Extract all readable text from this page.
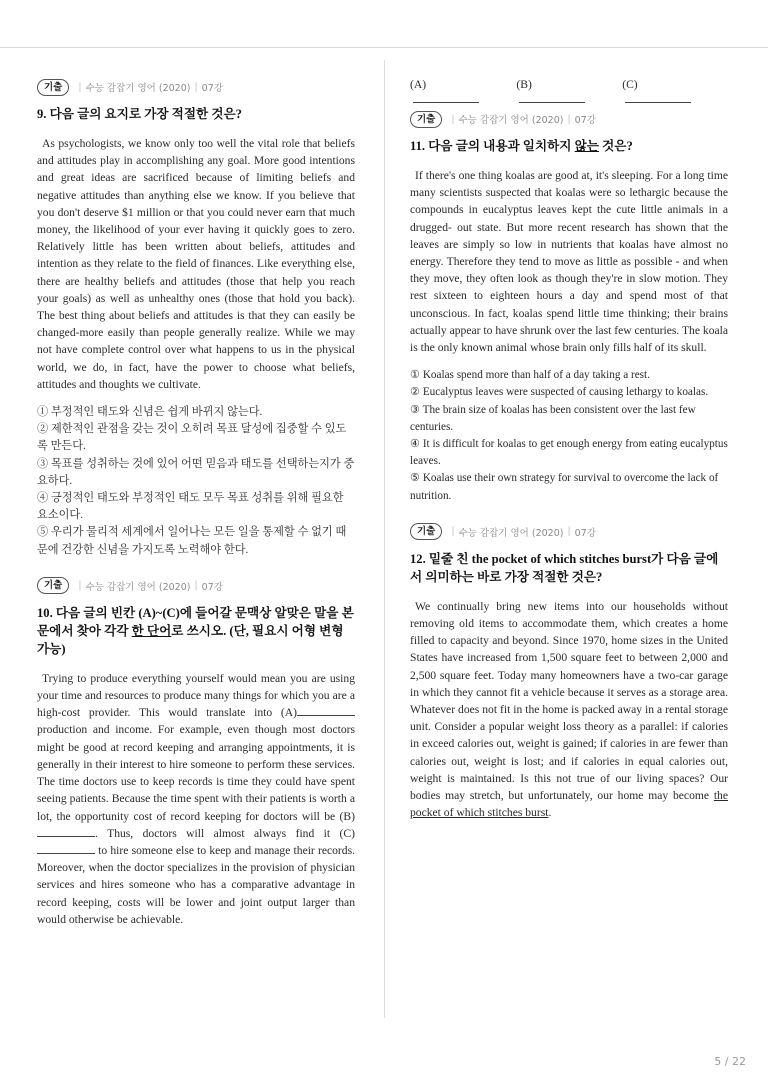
기출	| 수능 감잡기 영어 (2020) | 07강

9. 다음 글의 요지로 가장 적절한 것은?

As psychologists, we know only too well the vital role that beliefs and attitudes play in accomplishing any goal. More good intentions and great ideas are sacrificed because of limiting beliefs and negative attitudes than anything else we know. If you believe that you don't deserve $1 million or that you could never earn that much money, the likelihood of your ever having it quickly goes to zero. Relatively little has been written about beliefs, attitudes and intention as they relate to the field of finances. Like everything else, there are healthy beliefs and attitudes (those that help you reach your goals) as well as unhealthy ones (those that hold you back). The best thing about beliefs and attitudes is that they can easily be changed-more easily than people generally realize. While we may not have complete control over what happens to us in the physical world, we do, in fact, have the power to choose what beliefs, attitudes and thoughts we cultivate.

① 부정적인 태도와 신념은 쉽게 바뀌지 않는다.

② 제한적인 관점을 갖는 것이 오히려 목표 달성에 집중할 수 있도록 만든다.

③ 목표를 성취하는 것에 있어 어떤 믿음과 태도를 선택하는지가 중요하다.

④ 긍정적인 태도와 부정적인 태도 모두 목표 성취를 위해 필요한 요소이다.

⑤ 우리가 물리적 세계에서 일어나는 모든 일을 통제할 수 없기 때문에 건강한 신념을 가지도록 노력해야 한다.

기출	| 수능 감잡기 영어 (2020) | 07강

10. 다음 글의 빈칸 (A)~(C)에 들어갈 문맥상 알맞은 말을 본문에서 찾아 각각 한 단어로 쓰시오. (단, 필요시 어형 변형 가능)

Trying to produce everything yourself would mean you are using your time and resources to produce many things for which you are a high-cost provider. This would translate into (A) production and income. For example, even though most doctors might be good at record keeping and arranging appointments, it is generally in their interest to hire someone to perform these services. The time doctors use to keep records is time they could have spent seeing patients. Because the time spent with their patients is worth a lot, the opportunity cost of record keeping for doctors will be (B). Thus, doctors will almost always find it (C) to hire someone else to keep and manage their records. Moreover, when the doctor specializes in the provision of physician services and hires someone who has a comparative advantage in record keeping, costs will be lower and joint output larger than would otherwise be achievable.

(A)	(B)	(C)
기출	| 수능 감잡기 영어 (2020) | 07강

11. 다음 글의 내용과 일치하지 않는 것은?

If there's one thing koalas are good at, it's sleeping. For a long time many scientists suspected that koalas were so lethargic because the compounds in eucalyptus leaves kept the cute little animals in a drugged- out state. But more recent research has shown that the leaves are simply so low in nutrients that koalas have almost no energy. Therefore they tend to move as little as possible - and when they move, they often look as though they're in slow motion. They rest sixteen to eighteen hours a day and spend most of that unconscious. In fact, koalas spend little time thinking; their brains actually appear to have shrunk over the last few centuries. The koala is the only known animal whose brain only fills half of its skull.

① Koalas spend more than half of a day taking a rest.

② Eucalyptus leaves were suspected of causing lethargy to koalas.

③ The brain size of koalas has been consistent over the last few centuries.

④ It is difficult for koalas to get enough energy from eating eucalyptus leaves.

⑤ Koalas use their own strategy for survival to overcome the lack of nutrition.

기출	| 수능 감잡기 영어 (2020) | 07강

12. 밑줄 친 the pocket of which stitches burst가 다음 글에서 의미하는 바로 가장 적절한 것은?

We continually bring new items into our households without removing old items to accommodate them, which creates a home filled to capacity and beyond. Since 1970, home sizes in the United States have increased from 1,500 square feet to between 2,000 and 2,500 square feet. Today many homeowners have a two-car garage in which they cannot fit a vehicle because it serves as a storage area. Whatever does not fit in the home is packed away in a rental storage unit. Consider a popular weight loss theory as a parallel: if calories in exceed calories out, weight is gained; if calories in are fewer than calories out, weight is lost; and if calories in equal calories out, weight is maintained. Is this not true of our living spaces? Our bodies may stretch, but unfortunately, our home may become the pocket of which stitches burst.

5 / 22
